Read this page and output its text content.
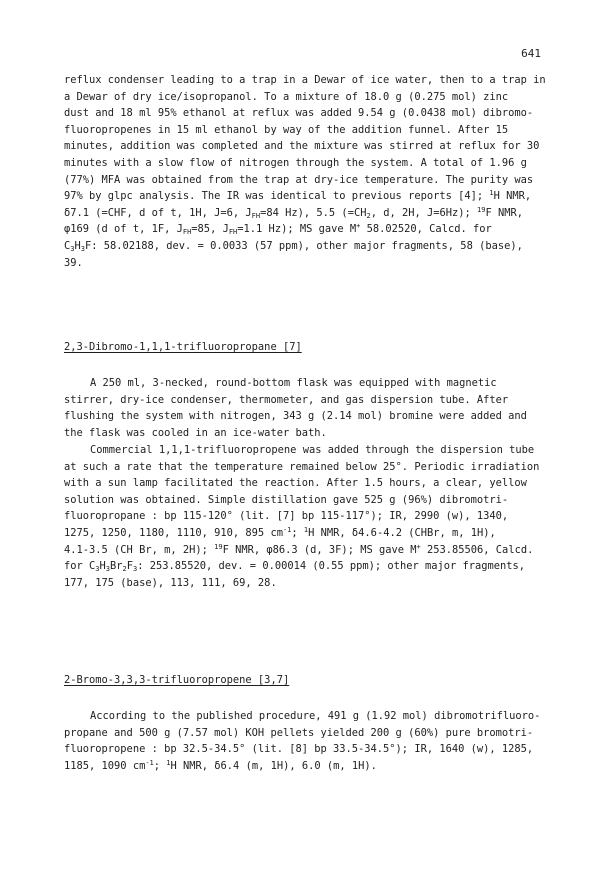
641
reflux condenser leading to a trap in a Dewar of ice water, then to a trap in
a Dewar of dry ice/isopropanol. To a mixture of 18.0 g (0.275 mol) zinc
dust and 18 ml 95% ethanol at reflux was added 9.54 g (0.0438 mol) dibromo-
fluoropropenes in 15 ml ethanol by way of the addition funnel. After 15
minutes, addition was completed and the mixture was stirred at reflux for 30
minutes with a slow flow of nitrogen through the system. A total of 1.96 g
(77%) MFA was obtained from the trap at dry-ice temperature. The purity was
97% by glpc analysis. The IR was identical to previous reports [4]; $^1$H NMR,
δ7.1 (=CHF, d of t, 1H, J=6, $J_{FH}=84$ Hz), 5.5 ($=CH_2$, d, 2H, J=6Hz); $^{19}$F NMR,
φ169 (d of t, 1F, $J_{FH}=85$, $J_{FH}=1.1$ Hz); MS gave M+ 58.02520, Calcd. for
$C_3H_3F$: 58.02188, dev. = 0.0033 (57 ppm), other major fragments, 58 (base),
39.
2,3-Dibromo-1,1,1-trifluoropropane [7]
A 250 ml, 3-necked, round-bottom flask was equipped with magnetic
stirrer, dry-ice condenser, thermometer, and gas dispersion tube. After
flushing the system with nitrogen, 343 g (2.14 mol) bromine were added and
the flask was cooled in an ice-water bath.
Commercial 1,1,1-trifluoropropene was added through the dispersion tube
at such a rate that the temperature remained below 25°. Periodic irradiation
with a sun lamp facilitated the reaction. After 1.5 hours, a clear, yellow
solution was obtained. Simple distillation gave 525 g (96%) dibromotri-
fluoropropane : bp 115-120° (lit. [7] bp 115-117°); IR, 2990 (w), 1340,
1275, 1250, 1180, 1110, 910, 895 $cm^{-1}$; $^1$H NMR, δ4.6-4.2 (CHBr, m, 1H),
4.1-3.5 (CH Br, m, 2H); $^{19}$F NMR, φ86.3 (d, 3F); MS gave M+ 253.85506, Calcd.
for $C_3H_3Br_2F_3$: 253.85520, dev. = 0.00014 (0.55 ppm); other major fragments,
177, 175 (base), 113, 111, 69, 28.
2-Bromo-3,3,3-trifluoropropene [3,7]
According to the published procedure, 491 g (1.92 mol) dibromotrifluoro-
propane and 500 g (7.57 mol) KOH pellets yielded 200 g (60%) pure bromotri-
fluoropropene : bp 32.5-34.5° (lit. [8] bp 33.5-34.5°); IR, 1640 (w), 1285,
1185, 1090 $cm^{-1}$; $^1$H NMR, δ6.4 (m, 1H), 6.0 (m, 1H).
